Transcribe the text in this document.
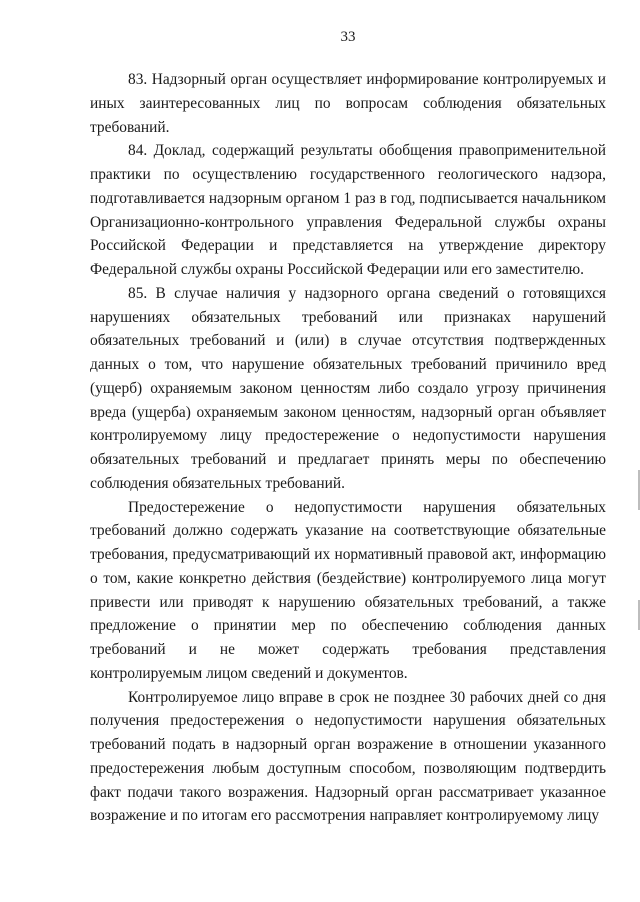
33

83. Надзорный орган осуществляет информирование контролируемых и иных заинтересованных лиц по вопросам соблюдения обязательных требований.

84. Доклад, содержащий результаты обобщения правоприменительной практики по осуществлению государственного геологического надзора, подготавливается надзорным органом 1 раз в год, подписывается начальником Организационно-контрольного управления Федеральной службы охраны Российской Федерации и представляется на утверждение директору Федеральной службы охраны Российской Федерации или его заместителю.

85. В случае наличия у надзорного органа сведений о готовящихся нарушениях обязательных требований или признаках нарушений обязательных требований и (или) в случае отсутствия подтвержденных данных о том, что нарушение обязательных требований причинило вред (ущерб) охраняемым законом ценностям либо создало угрозу причинения вреда (ущерба) охраняемым законом ценностям, надзорный орган объявляет контролируемому лицу предостережение о недопустимости нарушения обязательных требований и предлагает принять меры по обеспечению соблюдения обязательных требований.

Предостережение о недопустимости нарушения обязательных требований должно содержать указание на соответствующие обязательные требования, предусматривающий их нормативный правовой акт, информацию о том, какие конкретно действия (бездействие) контролируемого лица могут привести или приводят к нарушению обязательных требований, а также предложение о принятии мер по обеспечению соблюдения данных требований и не может содержать требования представления контролируемым лицом сведений и документов.

Контролируемое лицо вправе в срок не позднее 30 рабочих дней со дня получения предостережения о недопустимости нарушения обязательных требований подать в надзорный орган возражение в отношении указанного предостережения любым доступным способом, позволяющим подтвердить факт подачи такого возражения. Надзорный орган рассматривает указанное возражение и по итогам его рассмотрения направляет контролируемому лицу
